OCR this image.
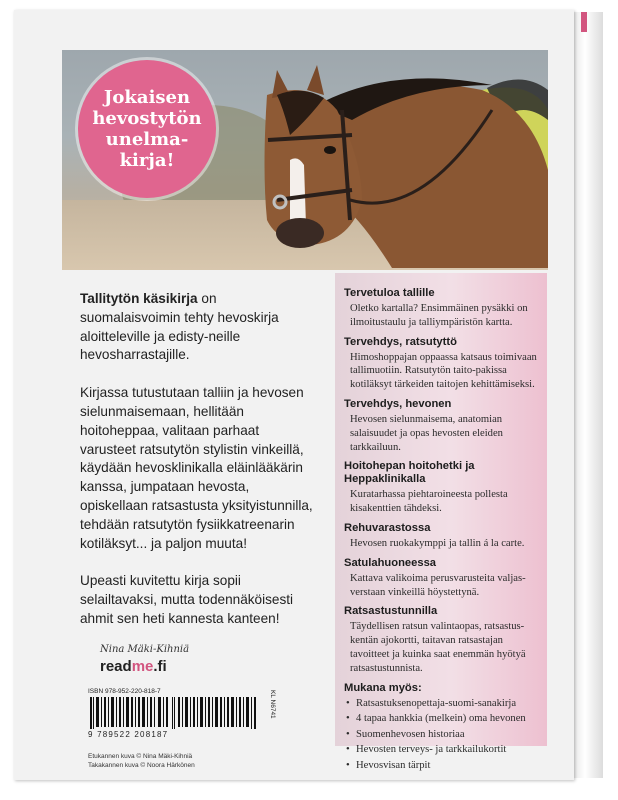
Jokaisen hevostytön unelma-kirja!

Tallitytön käsikirja on suomalaisvoimin tehty hevoskirja aloitteleville ja edisty-neille hevosharrastajille.

Kirjassa tutustutaan talliin ja hevosen sielunmaisemaan, hellitään hoitoheppaa, valitaan parhaat varusteet ratsutytön stylistin vinkeillä, käydään hevosklinikalla eläinlääkärin kanssa, jumpataan hevosta, opiskellaan ratsastusta yksityistunnilla, tehdään ratsutytön fysiikkatreenarin kotiläksyt... ja paljon muuta!

Upeasti kuvitettu kirja sopii selailtavaksi, mutta todennäköisesti ahmit sen heti kannesta kanteen!

Nina Mäki-Kihniä
readme.fi
ISBN 978-952-220-818-7
9 789522 208187
KL N6741
Etukannen kuva © Nina Mäki-Kihniä
Takakannen kuva © Noora Härkönen
Tervetuloa tallille
Oletko kartalla? Ensimmäinen pysäkki on ilmoitustaulu ja talliympäristön kartta.
Tervehdys, ratsutyttö
Himoshoppajan oppaassa katsaus toimivaan tallimuotiin. Ratsutytön taito-pakissa kotiläksyt tärkeiden taitojen kehittämiseksi.
Tervehdys, hevonen
Hevosen sielunmaisema, anatomian salaisuudet ja opas hevosten eleiden tarkkailuun.
Hoitohepan hoitohetki ja Heppaklinikalla
Kuratarhassa piehtaroineesta pollesta kisakenttien tähdeksi.
Rehuvarastossa
Hevosen ruokakymppi ja tallin á la carte.
Satulahuoneessa
Kattava valikoima perusvarusteita valjas-verstaan vinkeillä höystettynä.
Ratsastustunnilla
Täydellisen ratsun valintaopas, ratsastus-kentän ajokortti, taitavan ratsastajan tavoitteet ja kuinka saat enemmän hyötyä ratsastustunnista.
Mukana myös:
• Ratsastuksenopettaja-suomi-sanakirja
• 4 tapaa hankkia (melkein) oma hevonen
• Suomenhevosen historiaa
• Hevosten terveys- ja tarkkailukortit
• Hevosvisan tärpit
